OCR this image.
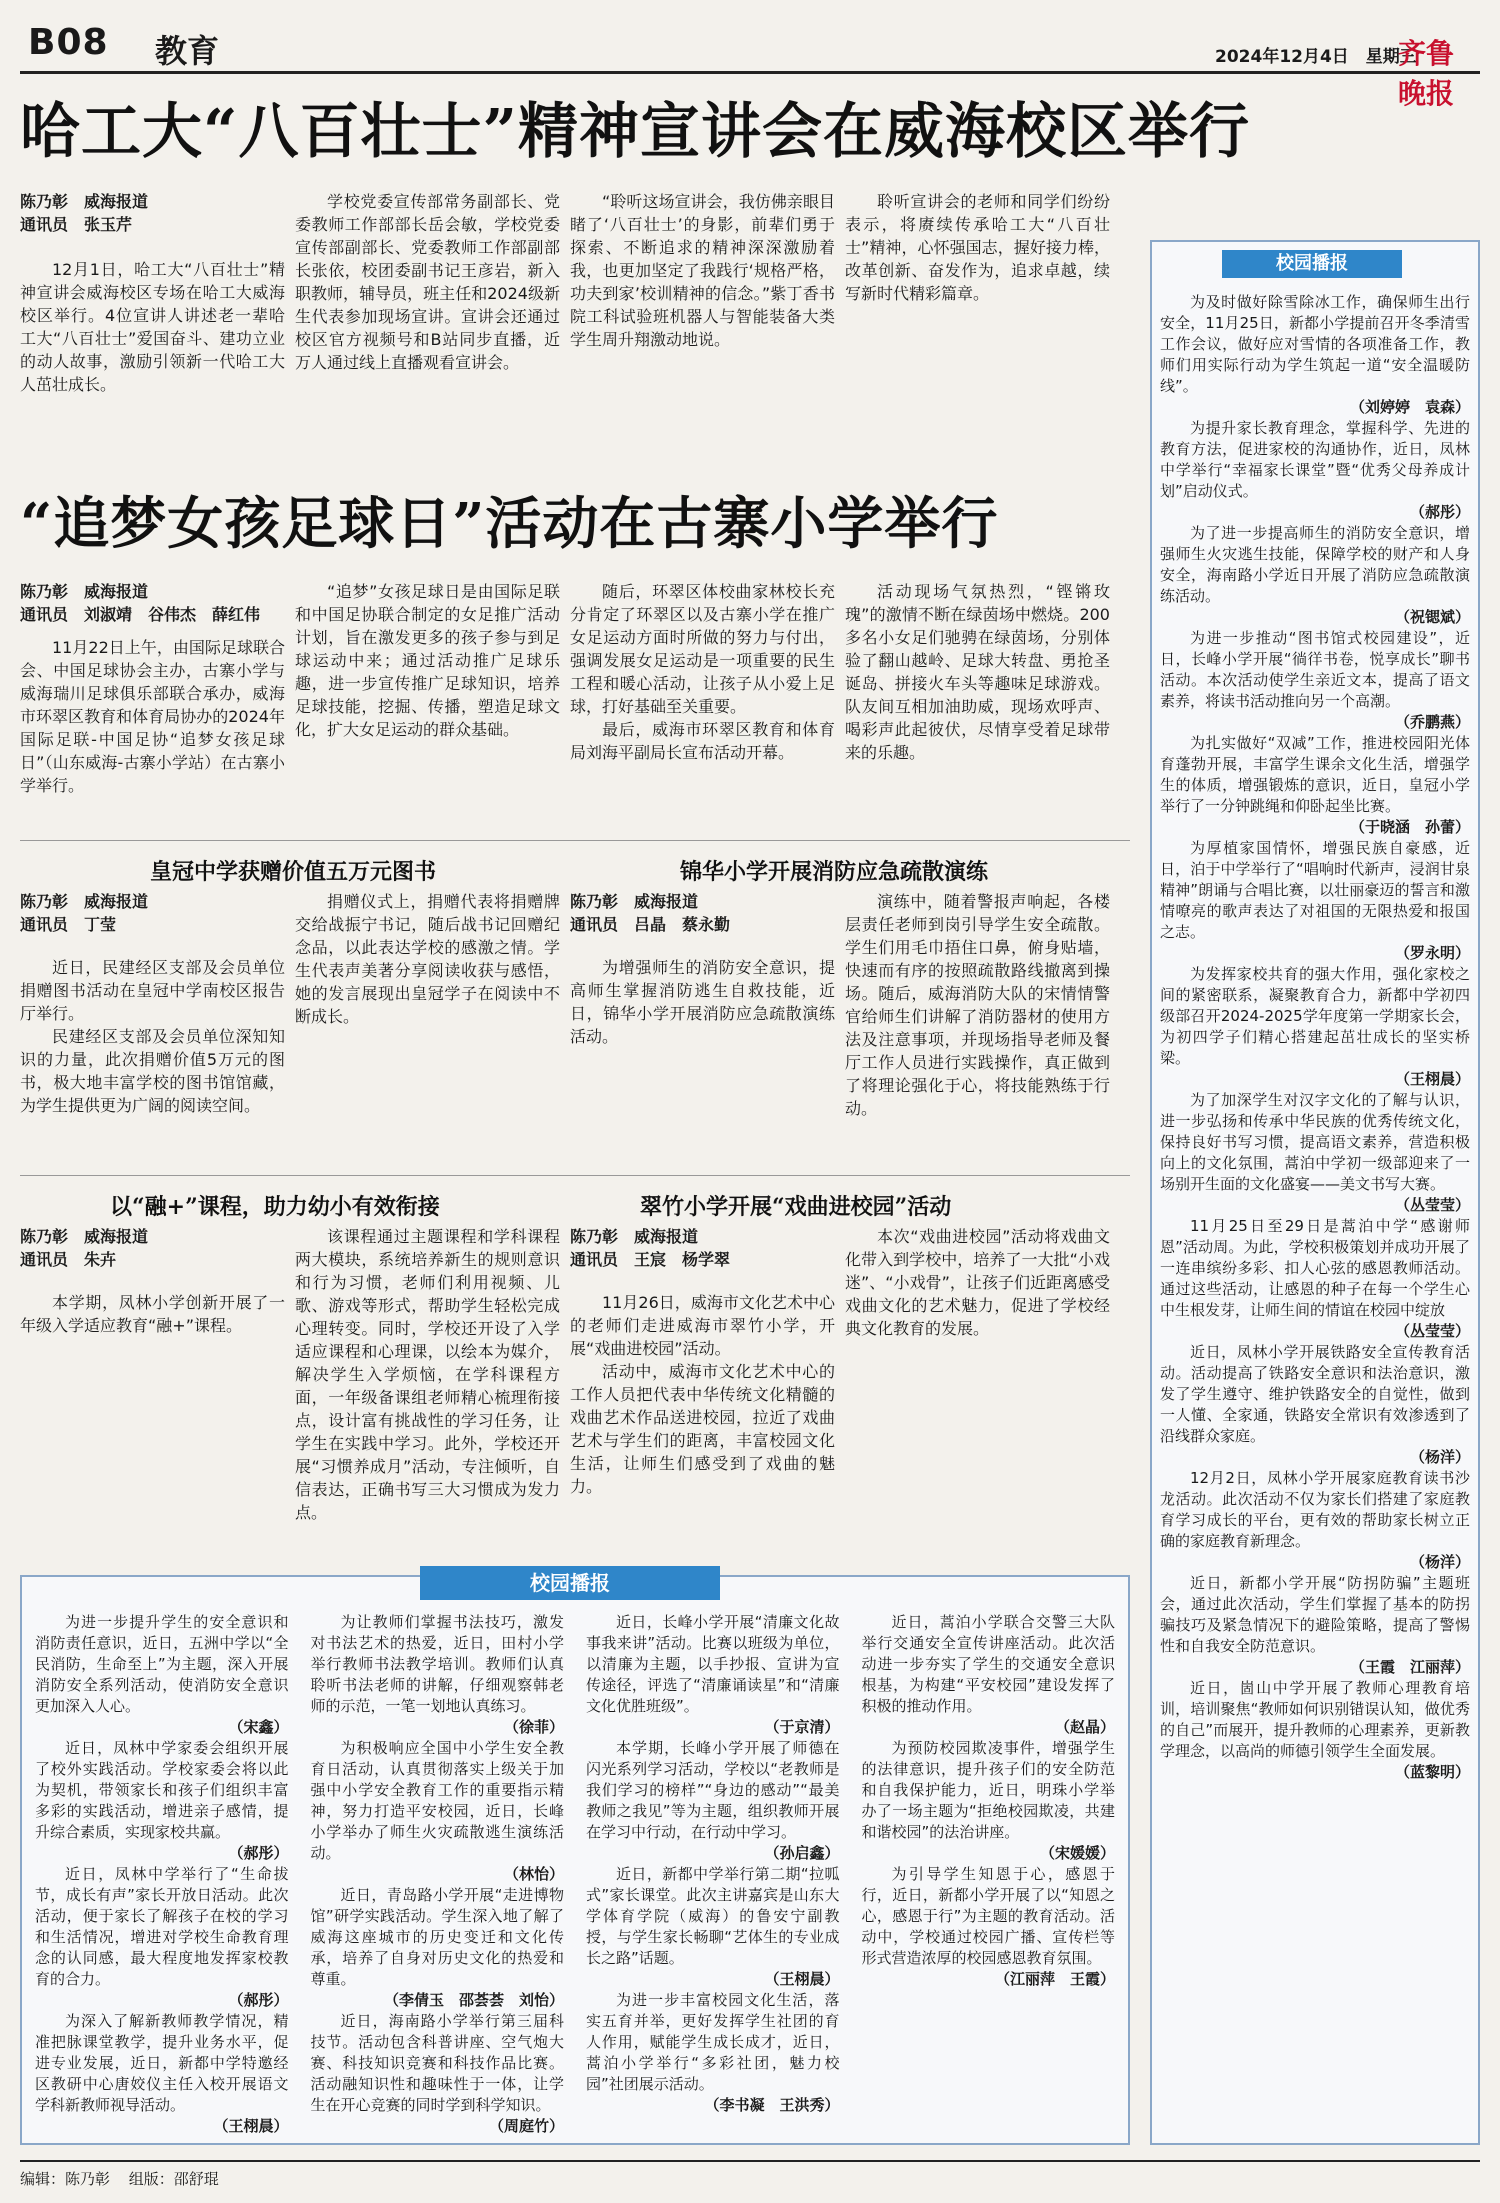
B08 教育	2024年12月4日　星期三
齐鲁晚报
哈工大“八百壮士”精神宣讲会在威海校区举行

陈乃彰　威海报道

通讯员　张玉芹

12月1日，哈工大“八百壮士”精神宣讲会威海校区专场在哈工大威海校区举行。4位宣讲人讲述老一辈哈工大“八百壮士”爱国奋斗、建功立业的动人故事，激励引领新一代哈工大人茁壮成长。

学校党委宣传部常务副部长、党委教师工作部部长岳会敏，学校党委宣传部副部长、党委教师工作部副部长张依，校团委副书记王彦岩，新入职教师，辅导员，班主任和2024级新生代表参加现场宣讲。宣讲会还通过校区官方视频号和B站同步直播，近万人通过线上直播观看宣讲会。

“聆听这场宣讲会，我仿佛亲眼目睹了‘八百壮士’的身影，前辈们勇于探索、不断追求的精神深深激励着我，也更加坚定了我践行‘规格严格，功夫到家’校训精神的信念。”紫丁香书院工科试验班机器人与智能装备大类学生周升翔激动地说。

聆听宣讲会的老师和同学们纷纷表示，将赓续传承哈工大“八百壮士”精神，心怀强国志，握好接力棒，改革创新、奋发作为，追求卓越，续写新时代精彩篇章。

“追梦女孩足球日”活动在古寨小学举行

陈乃彰　威海报道

通讯员　刘淑靖　谷伟杰　薛红伟

11月22日上午，由国际足球联合会、中国足球协会主办，古寨小学与威海瑞川足球俱乐部联合承办，威海市环翠区教育和体育局协办的2024年国际足联-中国足协“追梦女孩足球日”（山东威海-古寨小学站）在古寨小学举行。

“追梦”女孩足球日是由国际足联和中国足协联合制定的女足推广活动计划，旨在激发更多的孩子参与到足球运动中来；通过活动推广足球乐趣，进一步宣传推广足球知识，培养足球技能，挖掘、传播，塑造足球文化，扩大女足运动的群众基础。

随后，环翠区体校曲家林校长充分肯定了环翠区以及古寨小学在推广女足运动方面时所做的努力与付出，强调发展女足运动是一项重要的民生工程和暖心活动，让孩子从小爱上足球，打好基础至关重要。

最后，威海市环翠区教育和体育局刘海平副局长宣布活动开幕。

活动现场气氛热烈，“铿锵玫瑰”的激情不断在绿茵场中燃烧。200多名小女足们驰骋在绿茵场，分别体验了翻山越岭、足球大转盘、勇抢圣诞岛、拼接火车头等趣味足球游戏。队友间互相加油助威，现场欢呼声、喝彩声此起彼伏，尽情享受着足球带来的乐趣。

皇冠中学获赠价值五万元图书

陈乃彰　威海报道

通讯员　丁莹

近日，民建经区支部及会员单位捐赠图书活动在皇冠中学南校区报告厅举行。

民建经区支部及会员单位深知知识的力量，此次捐赠价值5万元的图书，极大地丰富学校的图书馆馆藏，为学生提供更为广阔的阅读空间。

捐赠仪式上，捐赠代表将捐赠牌交给战振宁书记，随后战书记回赠纪念品，以此表达学校的感激之情。学生代表声美著分享阅读收获与感悟，她的发言展现出皇冠学子在阅读中不断成长。

锦华小学开展消防应急疏散演练

陈乃彰　威海报道

通讯员　吕晶　蔡永勤

为增强师生的消防安全意识，提高师生掌握消防逃生自救技能，近日，锦华小学开展消防应急疏散演练活动。

演练中，随着警报声响起，各楼层责任老师到岗引导学生安全疏散。学生们用毛巾捂住口鼻，俯身贴墙，快速而有序的按照疏散路线撤离到操场。随后，威海消防大队的宋情情警官给师生们讲解了消防器材的使用方法及注意事项，并现场指导老师及餐厅工作人员进行实践操作，真正做到了将理论强化于心，将技能熟练于行动。

以“融+”课程，助力幼小有效衔接

陈乃彰　威海报道

通讯员　朱卉

本学期，凤林小学创新开展了一年级入学适应教育“融+”课程。

该课程通过主题课程和学科课程两大模块，系统培养新生的规则意识和行为习惯，老师们利用视频、儿歌、游戏等形式，帮助学生轻松完成心理转变。同时，学校还开设了入学适应课程和心理课，以绘本为媒介，解决学生入学烦恼，在学科课程方面，一年级备课组老师精心梳理衔接点，设计富有挑战性的学习任务，让学生在实践中学习。此外，学校还开展“习惯养成月”活动，专注倾听，自信表达，正确书写三大习惯成为发力点。

翠竹小学开展“戏曲进校园”活动

陈乃彰　威海报道

通讯员　王宸　杨学翠

11月26日，威海市文化艺术中心的老师们走进威海市翠竹小学，开展“戏曲进校园”活动。

活动中，威海市文化艺术中心的工作人员把代表中华传统文化精髓的戏曲艺术作品送进校园，拉近了戏曲艺术与学生们的距离，丰富校园文化生活，让师生们感受到了戏曲的魅力。

本次“戏曲进校园”活动将戏曲文化带入到学校中，培养了一大批“小戏迷”、“小戏骨”，让孩子们近距离感受戏曲文化的艺术魅力，促进了学校经典文化教育的发展。

校园播报

为及时做好除雪除冰工作，确保师生出行安全，11月25日，新都小学提前召开冬季清雪工作会议，做好应对雪情的各项准备工作，教师们用实际行动为学生筑起一道“安全温暖防线”。

（刘婷婷　袁森）

为提升家长教育理念，掌握科学、先进的教育方法，促进家校的沟通协作，近日，凤林中学举行“幸福家长课堂”暨“优秀父母养成计划”启动仪式。

（郝彤）

为了进一步提高师生的消防安全意识，增强师生火灾逃生技能，保障学校的财产和人身安全，海南路小学近日开展了消防应急疏散演练活动。

（祝锶斌）

为进一步推动“图书馆式校园建设”，近日，长峰小学开展“徜徉书卷，悦享成长”聊书活动。本次活动使学生亲近文本，提高了语文素养，将读书活动推向另一个高潮。

（乔鹏燕）

为扎实做好“双减”工作，推进校园阳光体育蓬勃开展，丰富学生课余文化生活，增强学生的体质，增强锻炼的意识，近日，皇冠小学举行了一分钟跳绳和仰卧起坐比赛。

（于晓涵　孙蕾）

为厚植家国情怀，增强民族自豪感，近日，泊于中学举行了“唱响时代新声，浸润甘泉精神”朗诵与合唱比赛，以壮丽豪迈的誓言和激情嘹亮的歌声表达了对祖国的无限热爱和报国之志。

（罗永明）

为发挥家校共育的强大作用，强化家校之间的紧密联系，凝聚教育合力，新都中学初四级部召开2024-2025学年度第一学期家长会，为初四学子们精心搭建起茁壮成长的坚实桥梁。

（王栩晨）

为了加深学生对汉字文化的了解与认识，进一步弘扬和传承中华民族的优秀传统文化，保持良好书写习惯，提高语文素养，营造积极向上的文化氛围，蒿泊中学初一级部迎来了一场别开生面的文化盛宴——美文书写大赛。

（丛莹莹）

11月25日至29日是蒿泊中学“感谢师恩”活动周。为此，学校积极策划并成功开展了一连串缤纷多彩、扣人心弦的感恩教师活动。通过这些活动，让感恩的种子在每一个学生心中生根发芽，让师生间的情谊在校园中绽放

（丛莹莹）

近日，凤林小学开展铁路安全宣传教育活动。活动提高了铁路安全意识和法治意识，激发了学生遵守、维护铁路安全的自觉性，做到一人懂、全家通，铁路安全常识有效渗透到了沿线群众家庭。

（杨洋）

12月2日，凤林小学开展家庭教育读书沙龙活动。此次活动不仅为家长们搭建了家庭教育学习成长的平台，更有效的帮助家长树立正确的家庭教育新理念。

（杨洋）

近日，新都小学开展“防拐防骗”主题班会，通过此次活动，学生们掌握了基本的防拐骗技巧及紧急情况下的避险策略，提高了警惕性和自我安全防范意识。

（王霞　江丽萍）

近日，崮山中学开展了教师心理教育培训，培训聚焦“教师如何识别错误认知，做优秀的自己”而展开，提升教师的心理素养，更新教学理念，以高尚的师德引领学生全面发展。

（蓝黎明）

校园播报

为进一步提升学生的安全意识和消防责任意识，近日，五洲中学以“全民消防，生命至上”为主题，深入开展消防安全系列活动，使消防安全意识更加深入人心。

（宋鑫）

近日，凤林中学家委会组织开展了校外实践活动。学校家委会将以此为契机，带领家长和孩子们组织丰富多彩的实践活动，增进亲子感情，提升综合素质，实现家校共赢。

（郝彤）

近日，凤林中学举行了“生命拔节，成长有声”家长开放日活动。此次活动，便于家长了解孩子在校的学习和生活情况，增进对学校生命教育理念的认同感，最大程度地发挥家校教育的合力。

（郝彤）

为深入了解新教师教学情况，精准把脉课堂教学，提升业务水平，促进专业发展，近日，新都中学特邀经区教研中心唐姣仪主任入校开展语文学科新教师视导活动。

（王栩晨）

为让教师们掌握书法技巧，激发对书法艺术的热爱，近日，田村小学举行教师书法教学培训。教师们认真聆听书法老师的讲解，仔细观察韩老师的示范，一笔一划地认真练习。

（徐菲）

为积极响应全国中小学生安全教育日活动，认真贯彻落实上级关于加强中小学安全教育工作的重要指示精神，努力打造平安校园，近日，长峰小学举办了师生火灾疏散逃生演练活动。

（林怡）

近日，青岛路小学开展“走进博物馆”研学实践活动。学生深入地了解了威海这座城市的历史变迁和文化传承，培养了自身对历史文化的热爱和尊重。

（李倩玉　邵荟荟　刘怡）

近日，海南路小学举行第三届科技节。活动包含科普讲座、空气炮大赛、科技知识竞赛和科技作品比赛。活动融知识性和趣味性于一体，让学生在开心竞赛的同时学到科学知识。

（周庭竹）

近日，长峰小学开展“清廉文化故事我来讲”活动。比赛以班级为单位，以清廉为主题，以手抄报、宣讲为宣传途径，评选了“清廉诵读星”和“清廉文化优胜班级”。

（于京清）

本学期，长峰小学开展了师德在闪光系列学习活动，学校以“老教师是我们学习的榜样”“身边的感动”“最美教师之我见”等为主题，组织教师开展在学习中行动，在行动中学习。

（孙启鑫）

近日，新都中学举行第二期“拉呱式”家长课堂。此次主讲嘉宾是山东大学体育学院（威海）的鲁安宁副教授，与学生家长畅聊“艺体生的专业成长之路”话题。

（王栩晨）

为进一步丰富校园文化生活，落实五育并举，更好发挥学生社团的育人作用，赋能学生成长成才，近日，蒿泊小学举行“多彩社团，魅力校园”社团展示活动。

（李书凝　王洪秀）

近日，蒿泊小学联合交警三大队举行交通安全宣传讲座活动。此次活动进一步夯实了学生的交通安全意识根基，为构建“平安校园”建设发挥了积极的推动作用。

（赵晶）

为预防校园欺凌事件，增强学生的法律意识，提升孩子们的安全防范和自我保护能力，近日，明珠小学举办了一场主题为“拒绝校园欺凌，共建和谐校园”的法治讲座。

（宋媛媛）

为引导学生知恩于心，感恩于行，近日，新都小学开展了以“知恩之心，感恩于行”为主题的教育活动。活动中，学校通过校园广播、宣传栏等形式营造浓厚的校园感恩教育氛围。

（江丽萍　王霞）

编辑：陈乃彰 组版：邵舒琨
